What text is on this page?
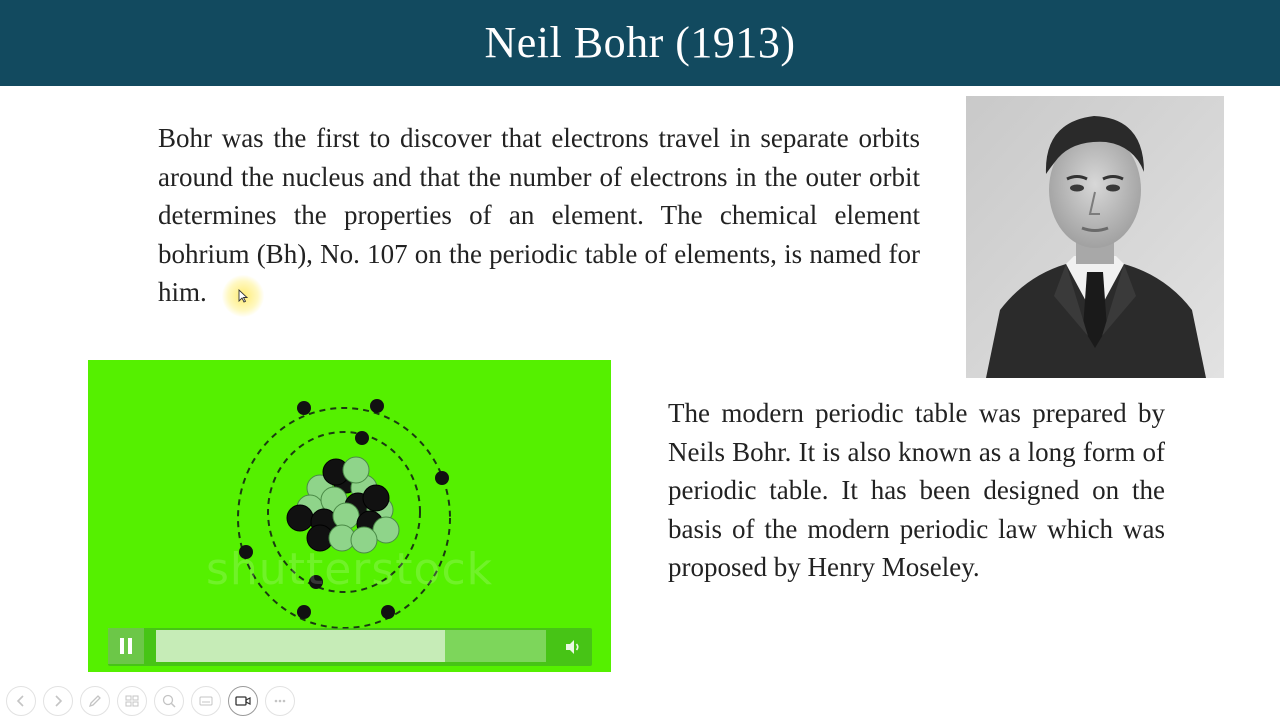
Neil Bohr (1913)
Bohr was the first to discover that electrons travel in separate orbits around the nucleus and that the number of electrons in the outer orbit determines the properties of an element. The chemical element bohrium (Bh), No. 107 on the periodic table of elements, is named for him.
shutterstock
The modern periodic table was prepared by Neils Bohr. It is also known as a long form of periodic table. It has been designed on the basis of the modern periodic law which was proposed by Henry Moseley.
